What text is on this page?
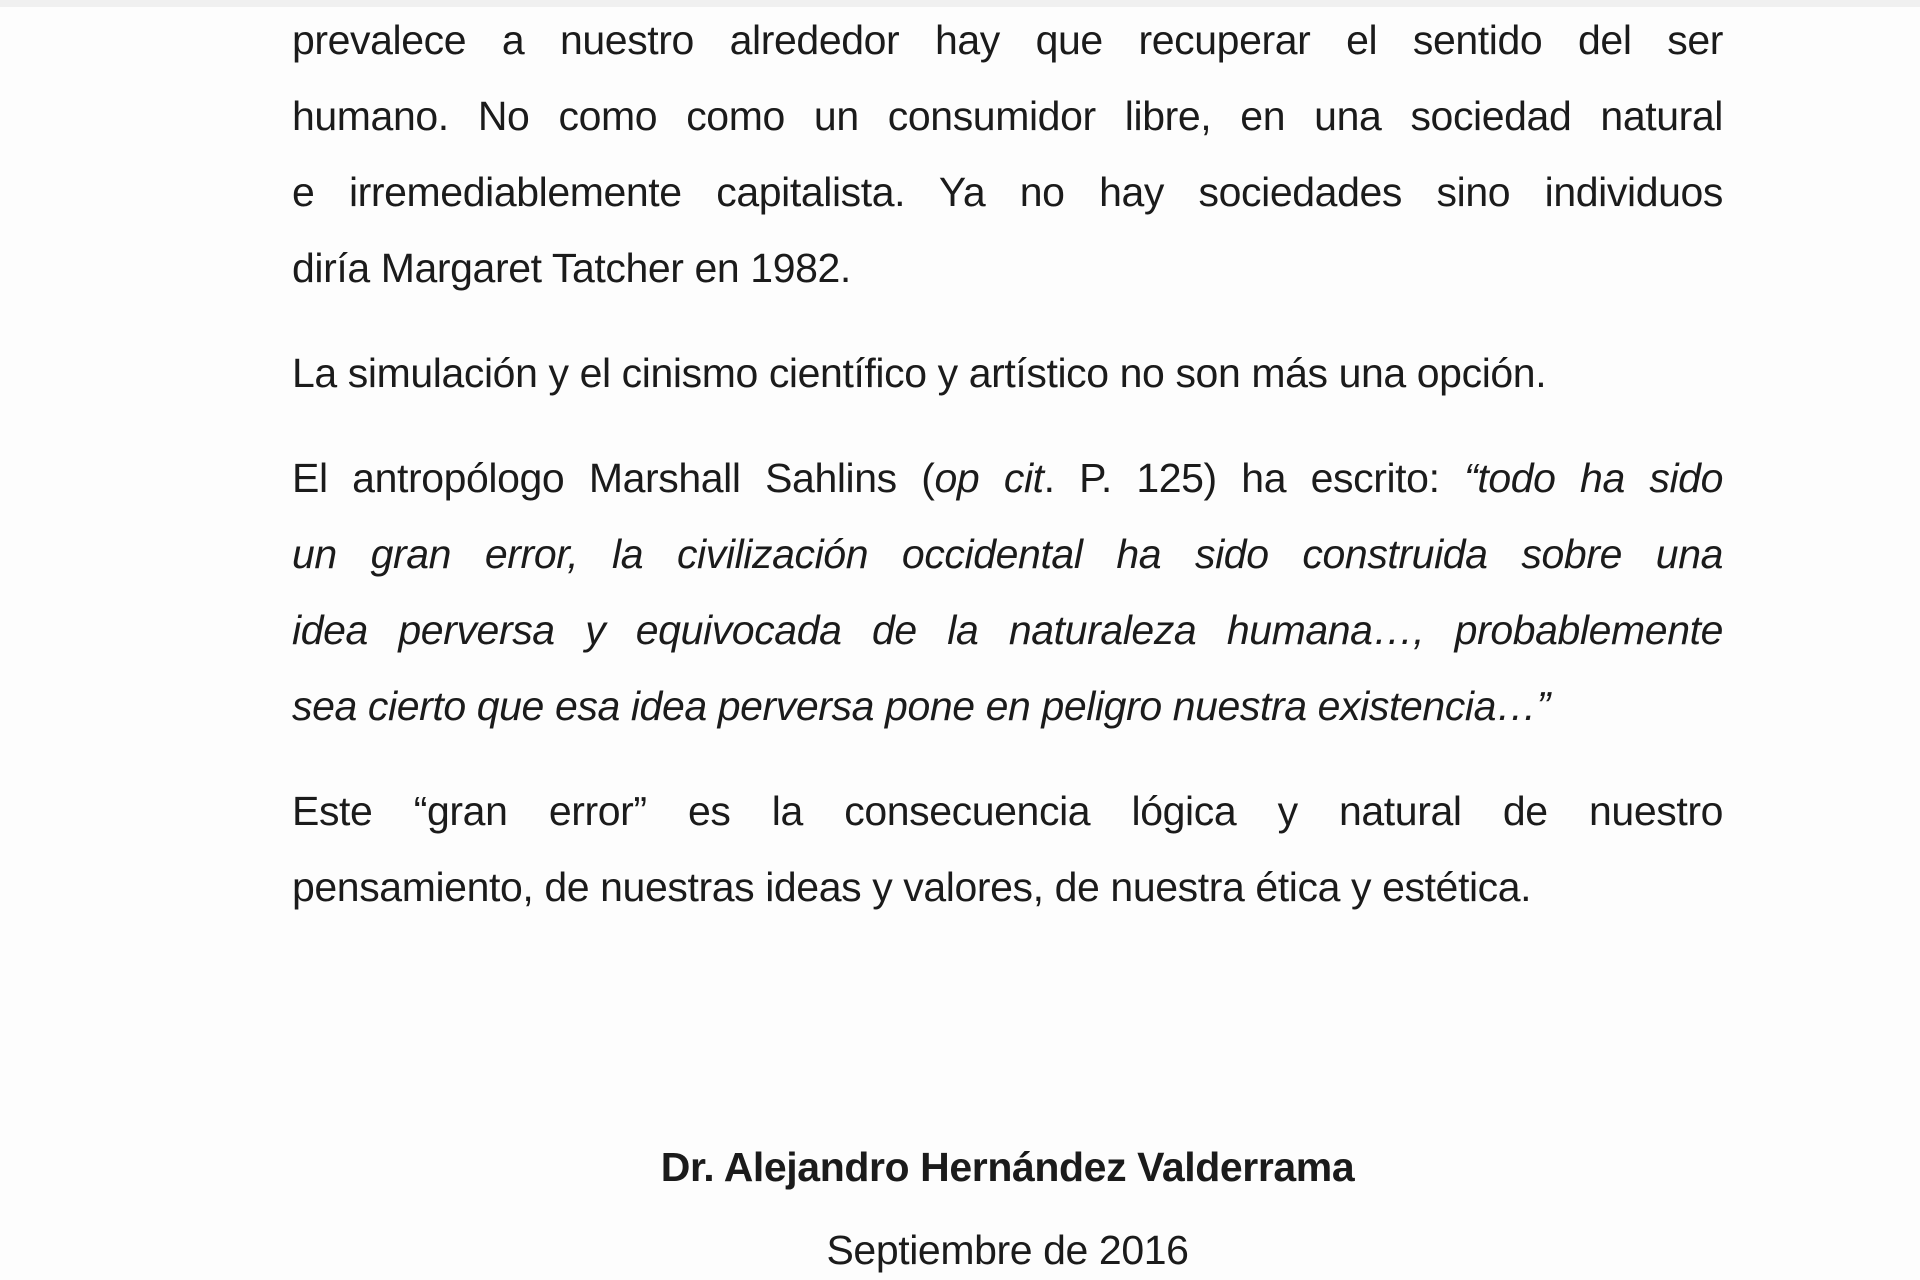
prevalece a nuestro alrededor hay que recuperar el sentido del ser
humano. No como como un consumidor libre, en una sociedad natural
e irremediablemente capitalista. Ya no hay sociedades sino individuos
diría Margaret Tatcher en 1982.
La simulación y el cinismo científico y artístico no son más una opción.
El antropólogo Marshall Sahlins (op cit. P. 125) ha escrito: “todo ha sido
un gran error, la civilización occidental ha sido construida sobre una
idea perversa y equivocada de la naturaleza humana…, probablemente
sea cierto que esa idea perversa pone en peligro nuestra existencia…”
Este “gran error” es la consecuencia lógica y natural de nuestro
pensamiento, de nuestras ideas y valores, de nuestra ética y estética.
Dr. Alejandro Hernández Valderrama
Septiembre de 2016
